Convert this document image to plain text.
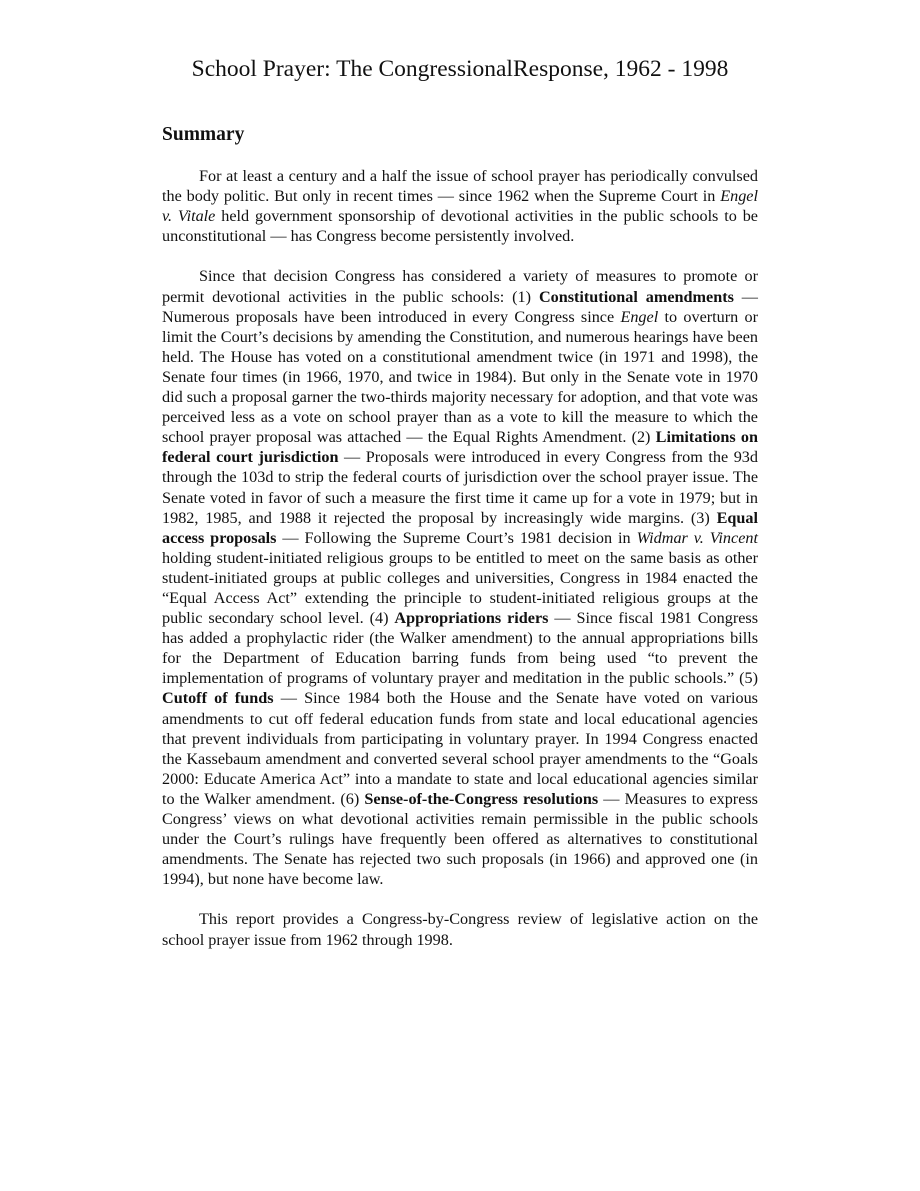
School Prayer: The CongressionalResponse, 1962 - 1998
Summary

For at least a century and a half the issue of school prayer has periodically convulsed the body politic. But only in recent times — since 1962 when the Supreme Court in Engel v. Vitale held government sponsorship of devotional activities in the public schools to be unconstitutional — has Congress become persistently involved.

Since that decision Congress has considered a variety of measures to promote or permit devotional activities in the public schools: (1) Constitutional amendments — Numerous proposals have been introduced in every Congress since Engel to overturn or limit the Court’s decisions by amending the Constitution, and numerous hearings have been held. The House has voted on a constitutional amendment twice (in 1971 and 1998), the Senate four times (in 1966, 1970, and twice in 1984). But only in the Senate vote in 1970 did such a proposal garner the two-thirds majority necessary for adoption, and that vote was perceived less as a vote on school prayer than as a vote to kill the measure to which the school prayer proposal was attached — the Equal Rights Amendment. (2) Limitations on federal court jurisdiction — Proposals were introduced in every Congress from the 93d through the 103d to strip the federal courts of jurisdiction over the school prayer issue. The Senate voted in favor of such a measure the first time it came up for a vote in 1979; but in 1982, 1985, and 1988 it rejected the proposal by increasingly wide margins. (3) Equal access proposals — Following the Supreme Court’s 1981 decision in Widmar v. Vincent holding student-initiated religious groups to be entitled to meet on the same basis as other student-initiated groups at public colleges and universities, Congress in 1984 enacted the “Equal Access Act” extending the principle to student-initiated religious groups at the public secondary school level. (4) Appropriations riders — Since fiscal 1981 Congress has added a prophylactic rider (the Walker amendment) to the annual appropriations bills for the Department of Education barring funds from being used “to prevent the implementation of programs of voluntary prayer and meditation in the public schools.” (5) Cutoff of funds — Since 1984 both the House and the Senate have voted on various amendments to cut off federal education funds from state and local educational agencies that prevent individuals from participating in voluntary prayer. In 1994 Congress enacted the Kassebaum amendment and converted several school prayer amendments to the “Goals 2000: Educate America Act” into a mandate to state and local educational agencies similar to the Walker amendment. (6) Sense-of-the-Congress resolutions — Measures to express Congress’ views on what devotional activities remain permissible in the public schools under the Court’s rulings have frequently been offered as alternatives to constitutional amendments. The Senate has rejected two such proposals (in 1966) and approved one (in 1994), but none have become law.

This report provides a Congress-by-Congress review of legislative action on the school prayer issue from 1962 through 1998.
